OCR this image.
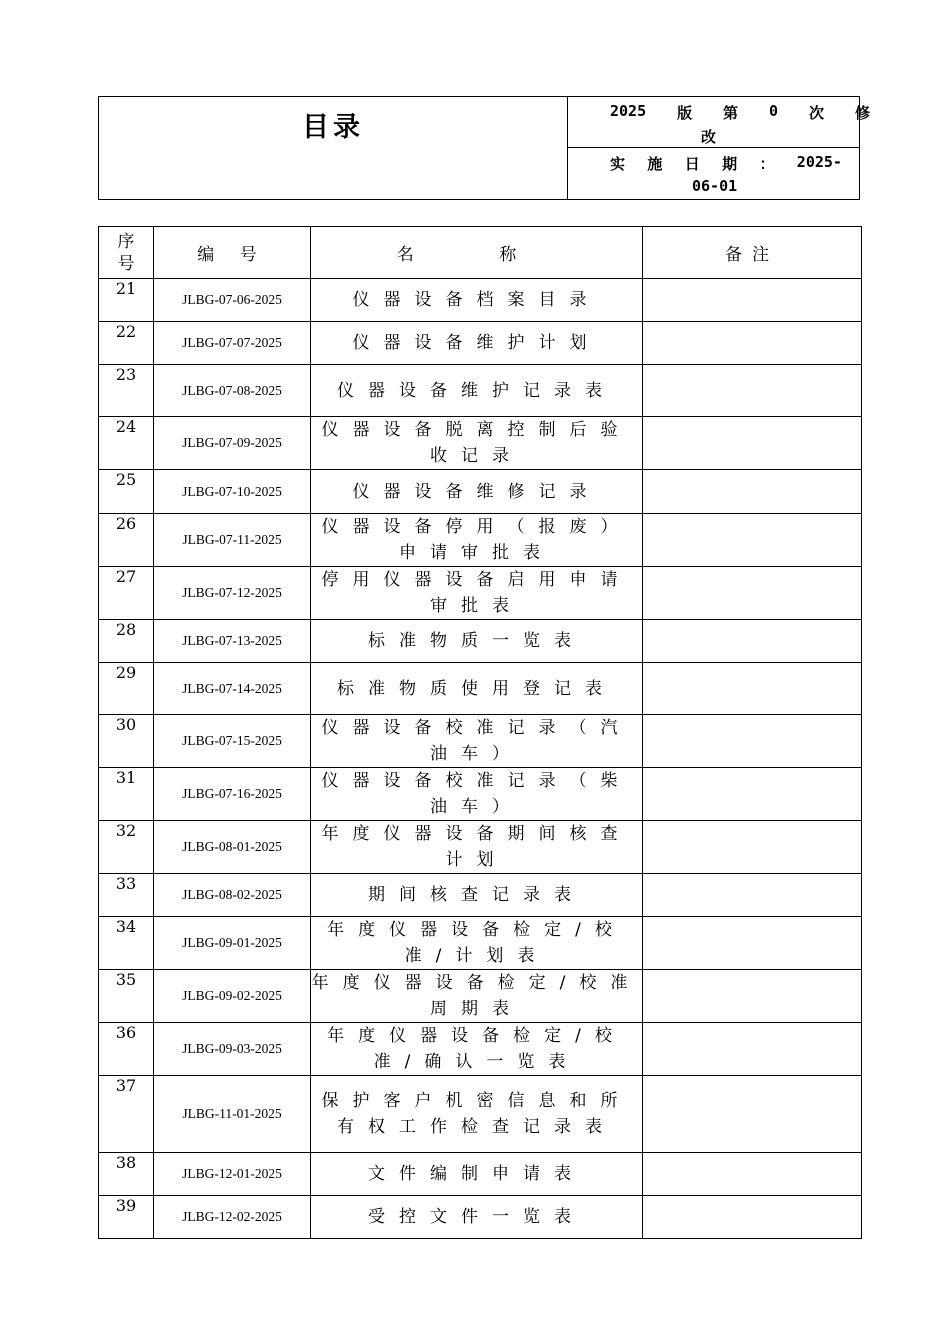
目录
2025 版 第 0 次 修
改
实 施 日 期 ： 2025-
06-01
序号	编 号	名 称	备注
21	JLBG-07-06-2025	仪器设备档案目录	
22	JLBG-07-07-2025	仪器设备维护计划	
23	JLBG-07-08-2025	仪器设备维护记录表	
24	JLBG-07-09-2025	仪器设备脱离控制后验收记录	
25	JLBG-07-10-2025	仪器设备维修记录	
26	JLBG-07-11-2025	仪器设备停用（报废）申请审批表	
27	JLBG-07-12-2025	停用仪器设备启用申请审批表	
28	JLBG-07-13-2025	标准物质一览表	
29	JLBG-07-14-2025	标准物质使用登记表	
30	JLBG-07-15-2025	仪器设备校准记录（汽油车）	
31	JLBG-07-16-2025	仪器设备校准记录（柴油车）	
32	JLBG-08-01-2025	年度仪器设备期间核查计划	
33	JLBG-08-02-2025	期间核查记录表	
34	JLBG-09-01-2025	年度仪器设备检定/校准/计划表	
35	JLBG-09-02-2025	年度仪器设备检定/校准周期表	
36	JLBG-09-03-2025	年度仪器设备检定/校准/确认一览表	
37	JLBG-11-01-2025	保护客户机密信息和所有权工作检查记录表	
38	JLBG-12-01-2025	文件编制申请表	
39	JLBG-12-02-2025	受控文件一览表	
